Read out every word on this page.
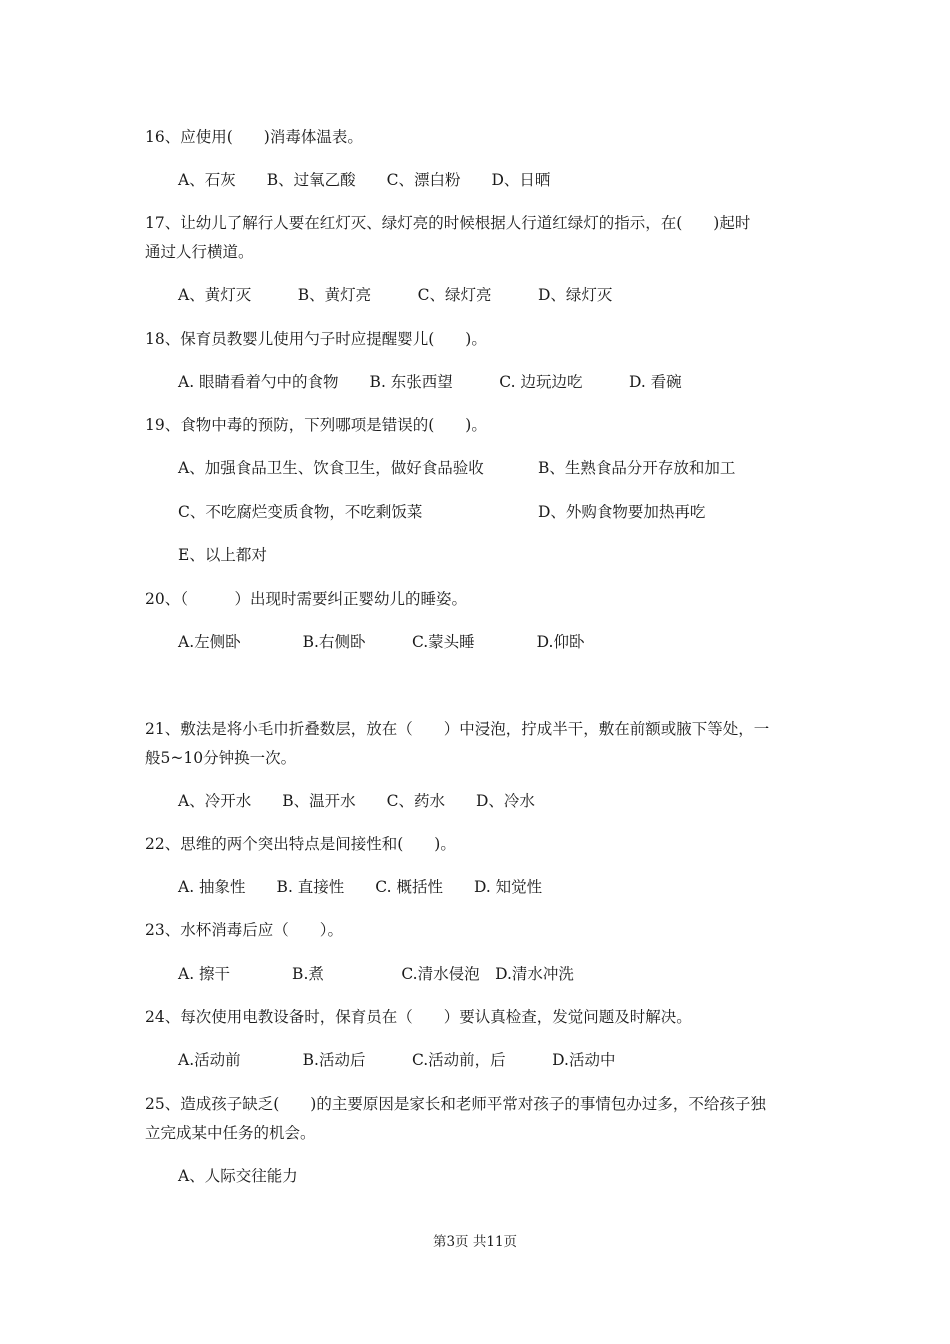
16、应使用(　　)消毒体温表。
A、石灰　　B、过氧乙酸　　C、漂白粉　　D、日晒
17、让幼儿了解行人要在红灯灭、绿灯亮的时候根据人行道红绿灯的指示，在(　　)起时
通过人行横道。
A、黄灯灭　　　B、黄灯亮　　　C、绿灯亮　　　D、绿灯灭
18、保育员教婴儿使用勺子时应提醒婴儿(　　)。
A. 眼睛看着勺中的食物　　B. 东张西望　　　C. 边玩边吃　　　D. 看碗
19、食物中毒的预防，下列哪项是错误的(　　)。
A、加强食品卫生、饮食卫生，做好食品验收	B、生熟食品分开存放和加工
C、不吃腐烂变质食物，不吃剩饭菜	D、外购食物要加热再吃
E、以上都对
20、（　　　）出现时需要纠正婴幼儿的睡姿。
A.左侧卧　　　　B.右侧卧　　　C.蒙头睡　　　　D.仰卧
21、敷法是将小毛巾折叠数层，放在（　　）中浸泡，拧成半干，敷在前额或腋下等处，一
般5~10分钟换一次。
A、冷开水　　B、温开水　　C、药水　　D、冷水
22、思维的两个突出特点是间接性和(　　)。
A. 抽象性　　B. 直接性　　C. 概括性　　D. 知觉性
23、水杯消毒后应（　　）。
A. 擦干　　　　B.煮　　　　　C.清水侵泡　D.清水冲洗
24、每次使用电教设备时，保育员在（　　）要认真检查，发觉问题及时解决。
A.活动前　　　　B.活动后　　　C.活动前，后　　　D.活动中
25、造成孩子缺乏(　　)的主要原因是家长和老师平常对孩子的事情包办过多，不给孩子独
立完成某中任务的机会。
A、人际交往能力
第3页 共11页
